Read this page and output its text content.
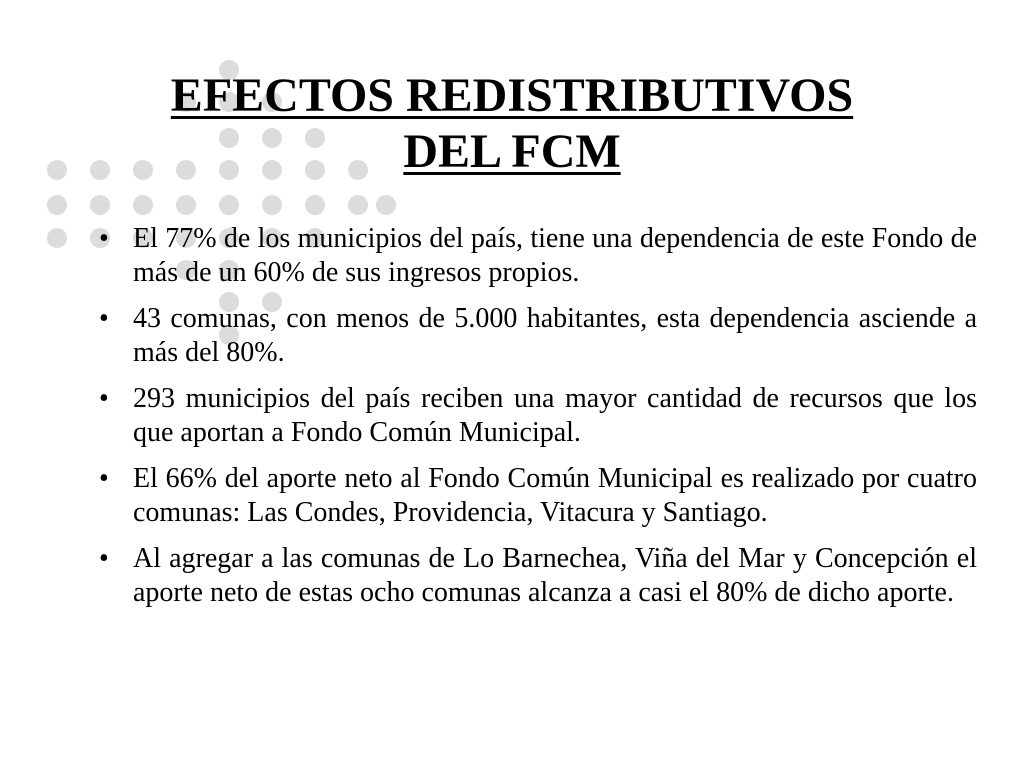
EFECTOS REDISTRIBUTIVOS
DEL FCM
• El 77% de los municipios del país, tiene una dependencia de este Fondo de más de un 60% de sus ingresos propios.
• 43 comunas, con menos de 5.000 habitantes, esta dependencia asciende a más del 80%.
• 293 municipios del país reciben una mayor cantidad de recursos que los que aportan a Fondo Común Municipal.
• El 66% del aporte neto al Fondo Común Municipal es realizado por cuatro comunas: Las Condes, Providencia, Vitacura y Santiago.
• Al agregar a las comunas de Lo Barnechea, Viña del Mar y Concepción el aporte neto de estas ocho comunas alcanza a casi el 80% de dicho aporte.
